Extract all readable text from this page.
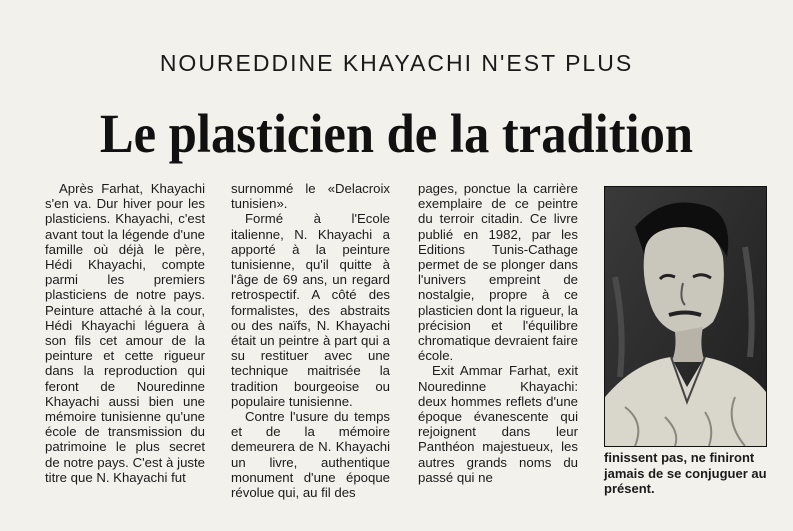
NOUREDDINE KHAYACHI N'EST PLUS
Le plasticien de la tradition

Après Farhat, Khayachi s'en va. Dur hiver pour les plasticiens. Khayachi, c'est avant tout la légende d'une famille où déjà le père, Hédi Khayachi, compte parmi les premiers plasticiens de notre pays. Peinture attaché à la cour, Hédi Khayachi léguera à son fils cet amour de la peinture et cette rigueur dans la reproduction qui feront de Nouredinne Khayachi aussi bien une mémoire tunisienne qu'une école de transmission du patrimoine le plus secret de notre pays. C'est à juste titre que N. Khayachi fut

surnommé le «Delacroix tunisien».

Formé à l'Ecole italienne, N. Khayachi a apporté à la peinture tunisienne, qu'il quitte à l'âge de 69 ans, un regard retrospectif. A côté des formalistes, des abstraits ou des naïfs, N. Khayachi était un peintre à part qui a su restituer avec une technique maitrisée la tradition bourgeoise ou populaire tunisienne.

Contre l'usure du temps et de la mémoire demeurera de N. Khayachi un livre, authentique monument d'une époque révolue qui, au fil des

pages, ponctue la carrière exemplaire de ce peintre du terroir citadin. Ce livre publié en 1982, par les Editions Tunis-Cathage permet de se plonger dans l'univers empreint de nostalgie, propre à ce plasticien dont la rigueur, la précision et l'équilibre chromatique devraient faire école.

Exit Ammar Farhat, exit Nouredinne Khayachi: deux hommes reflets d'une époque évanescente qui rejoignent dans leur Panthéon majestueux, les autres grands noms du passé qui ne

finissent pas, ne finiront jamais de se conjuguer au présent.
